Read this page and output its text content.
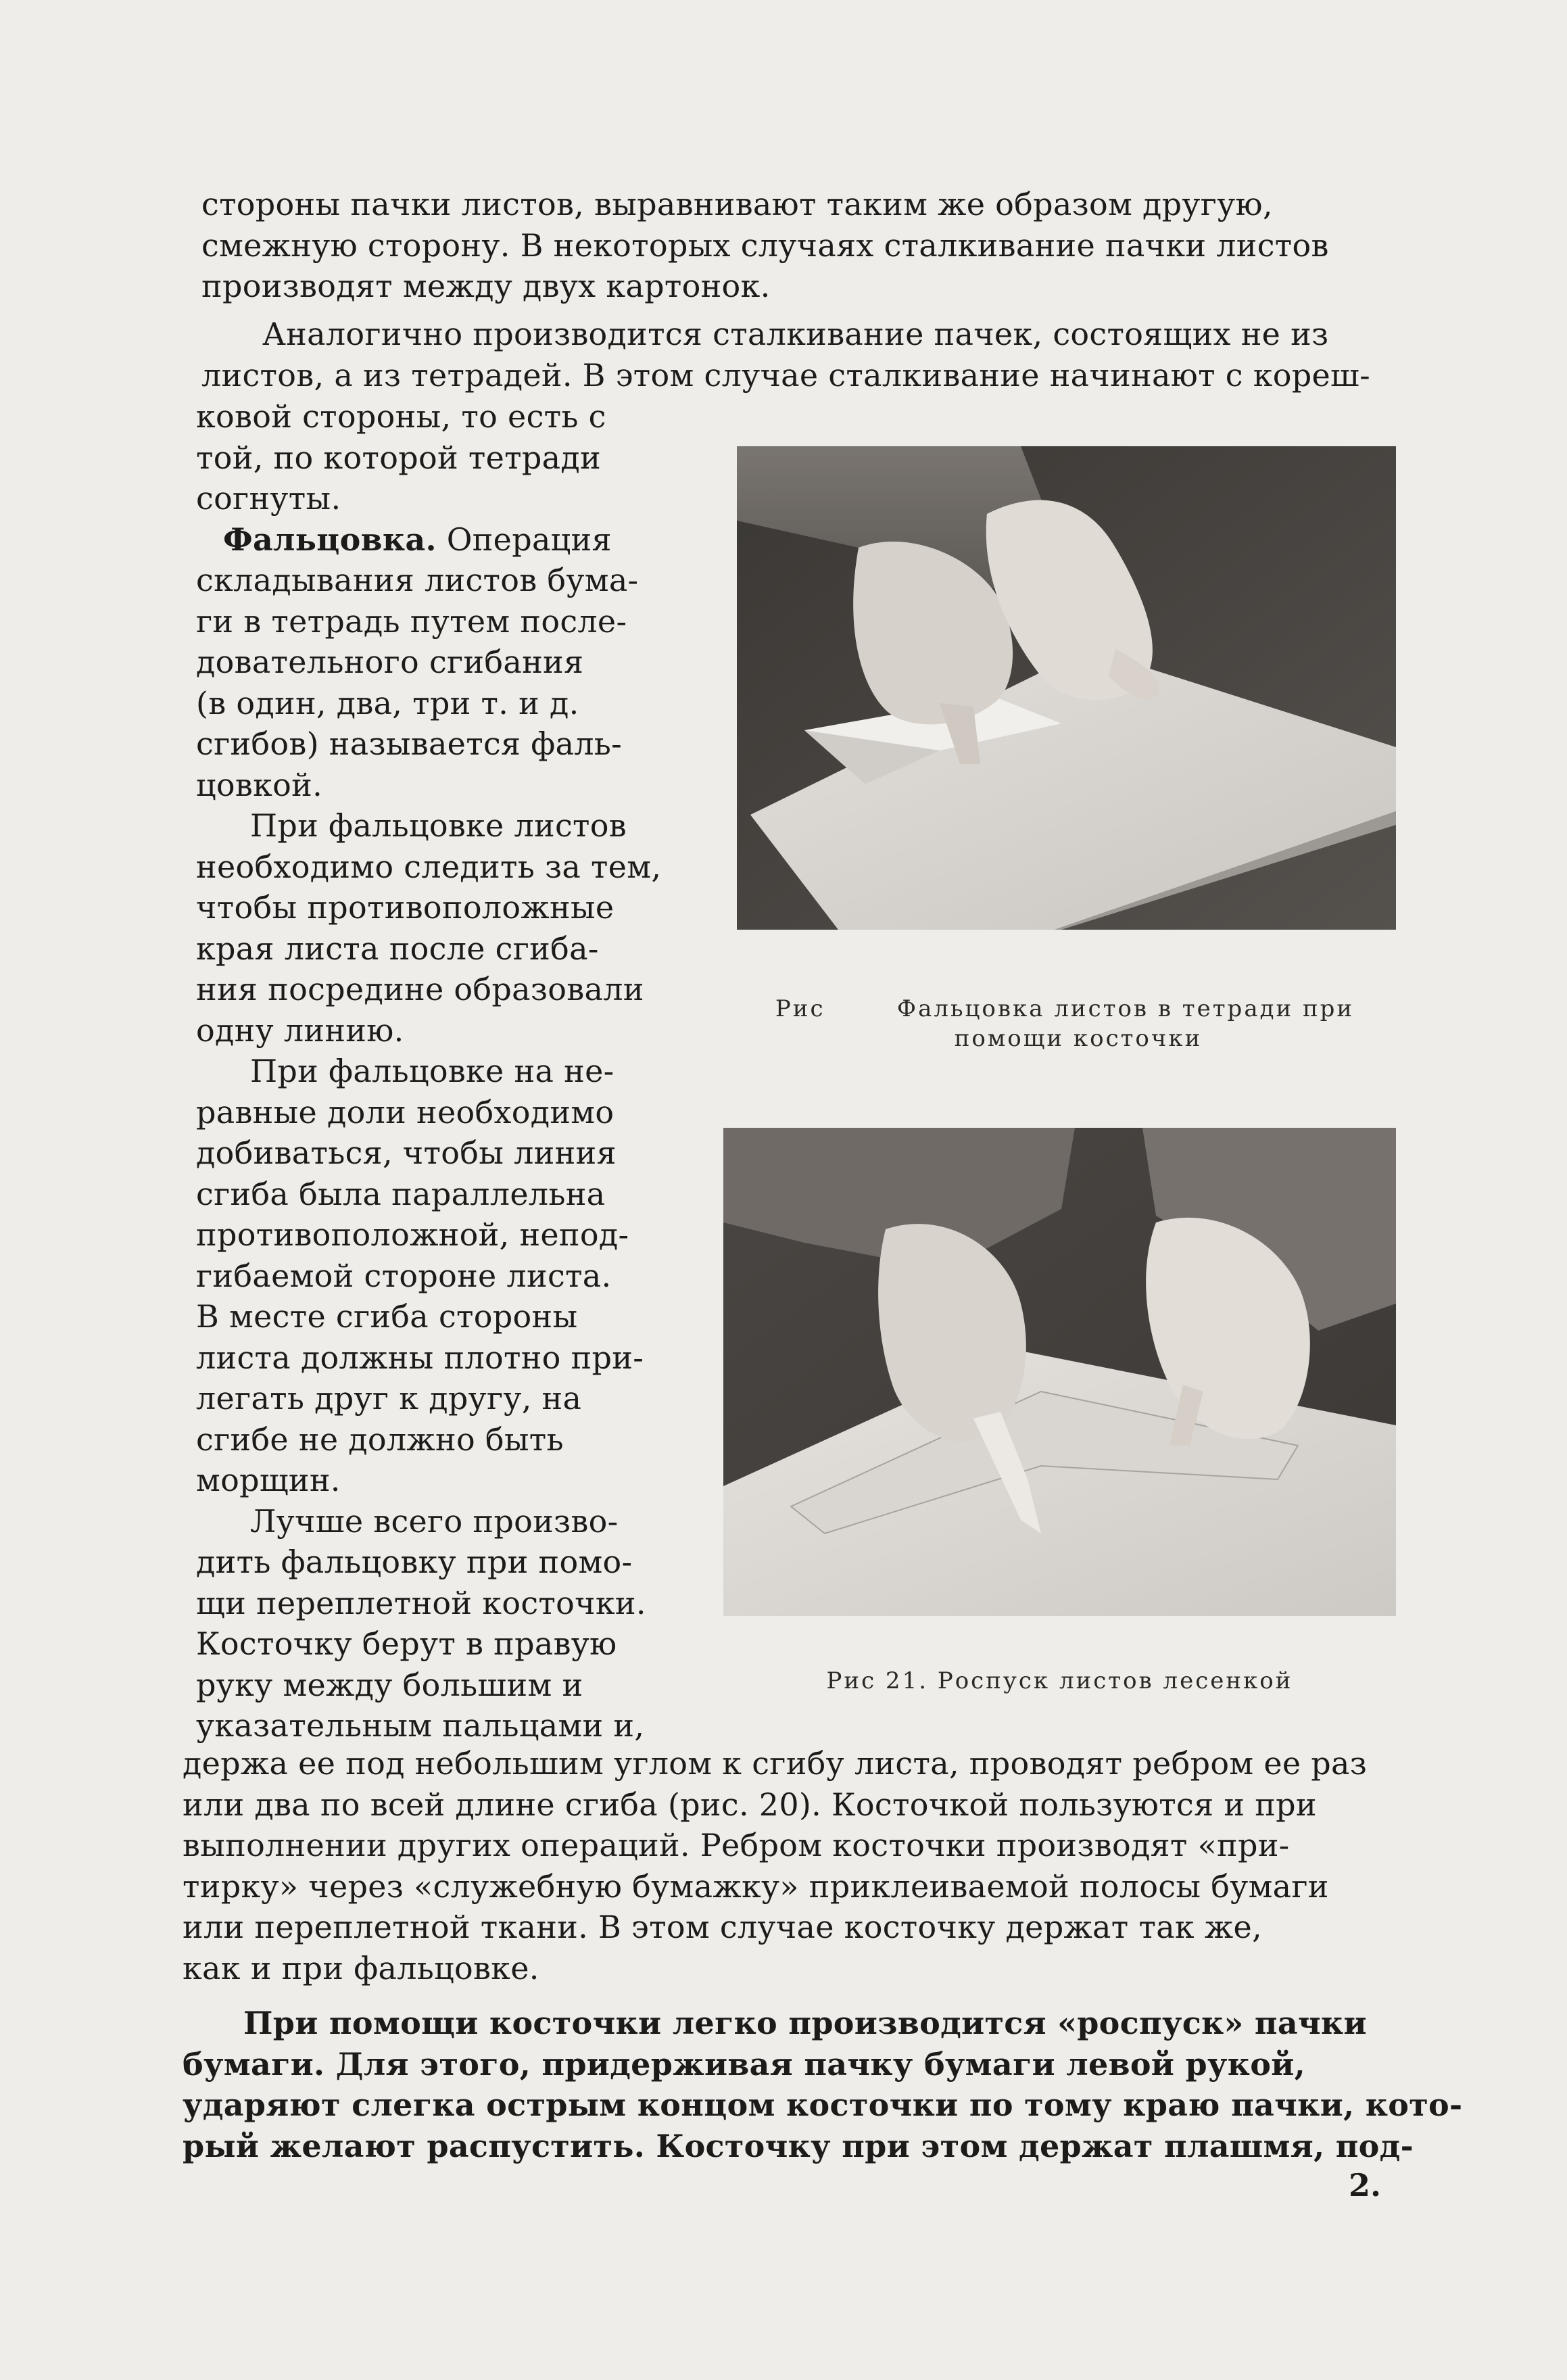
стороны пачки листов, выравнивают таким же образом другую,
смежную сторону. В некоторых случаях сталкивание пачки листов
производят между двух картонок.
Аналогично производится сталкивание пачек, состоящих не из
листов, а из тетрадей. В этом случае сталкивание начинают с кореш-
ковой стороны, то есть с
той, по которой тетради
согнуты.
Фальцовка. Операция
складывания листов бума-
ги в тетрадь путем после-
довательного сгибания
(в один, два, три т. и д.
сгибов) называется фаль-
цовкой.
При фальцовке листов
необходимо следить за тем,
чтобы противоположные
края листа после сгиба-
ния посредине образовали
одну линию.
При фальцовке на не-
равные доли необходимо
добиваться, чтобы линия
сгиба была параллельна
противоположной, непод-
гибаемой стороне листа.
В месте сгиба стороны
листа должны плотно при-
легать друг к другу, на
сгибе не должно быть
морщин.
Лучше всего произво-
дить фальцовку при помо-
щи переплетной косточки.
Косточку берут в правую
руку между большим и
указательным пальцами и,
Рис	Фальцовка листов в тетради при
помощи косточки
Рис 21. Роспуск листов лесенкой
держа ее под небольшим углом к сгибу листа, проводят ребром ее раз
или два по всей длине сгиба (рис. 20). Косточкой пользуются и при
выполнении других операций. Ребром косточки производят «при-
тирку» через «служебную бумажку» приклеиваемой полосы бумаги
или переплетной ткани. В этом случае косточку держат так же,
как и при фальцовке.
При помощи косточки легко производится «роспуск» пачки
бумаги. Для этого, придерживая пачку бумаги левой рукой,
ударяют слегка острым концом косточки по тому краю пачки, кото-
рый желают распустить. Косточку при этом держат плашмя, под-
2.
